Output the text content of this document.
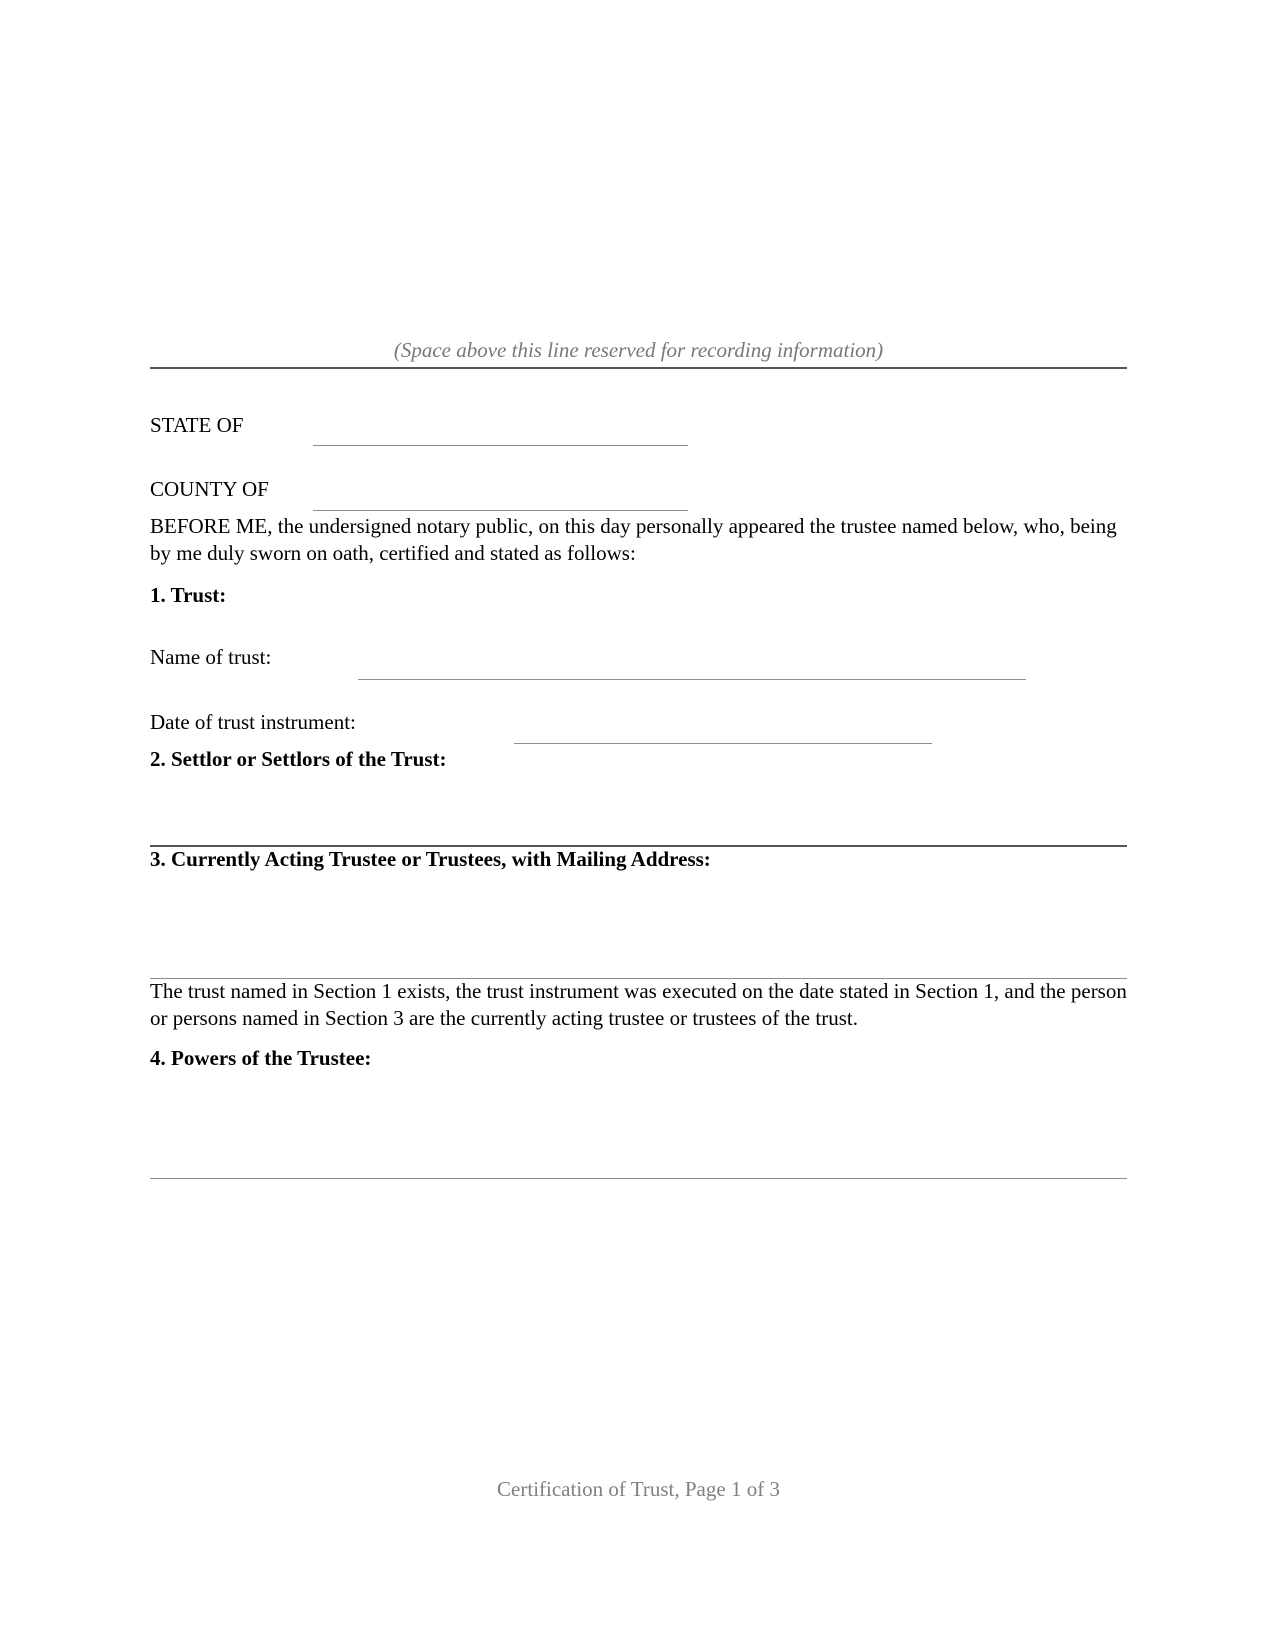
(Space above this line reserved for recording information)
STATE OF
COUNTY OF
BEFORE ME, the undersigned notary public, on this day personally appeared the trustee named below, who, being by me duly sworn on oath, certified and stated as follows:
1. Trust:
Name of trust:
Date of trust instrument:
2. Settlor or Settlors of the Trust:
3. Currently Acting Trustee or Trustees, with Mailing Address:
The trust named in Section 1 exists, the trust instrument was executed on the date stated in Section 1, and the person or persons named in Section 3 are the currently acting trustee or trustees of the trust.
4. Powers of the Trustee:
Certification of Trust, Page 1 of 3
